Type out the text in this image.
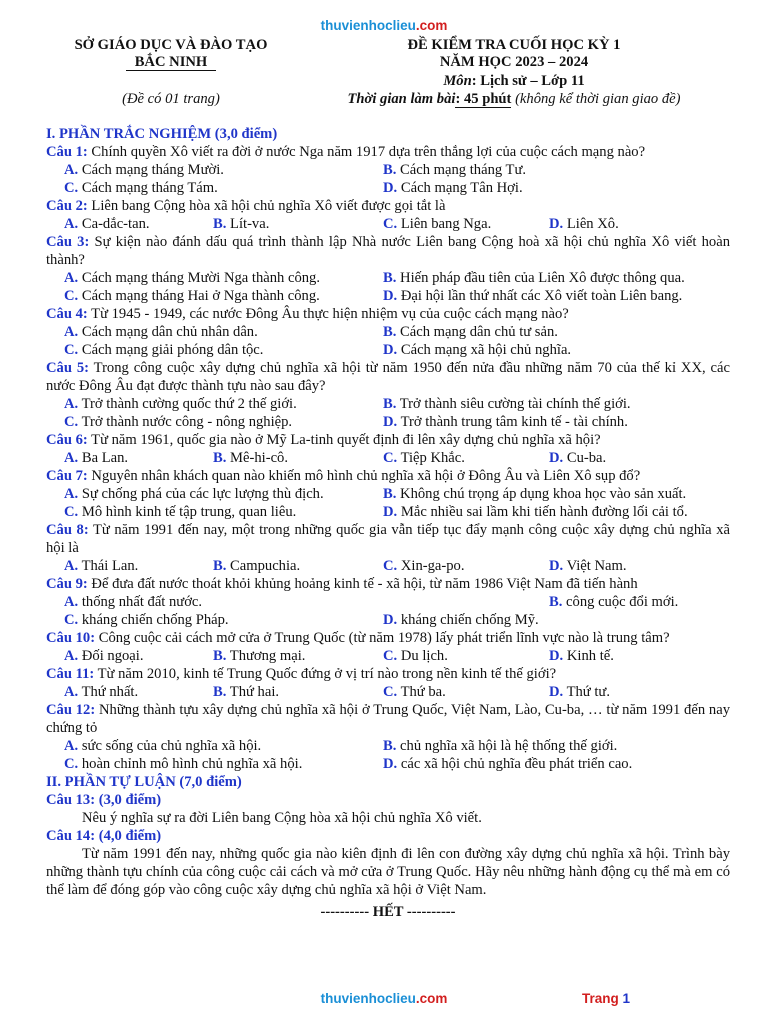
thuvienhoclieu.com
SỞ GIÁO DỤC VÀ ĐÀO TẠO
BẮC NINH
(Đề có 01 trang)
ĐỀ KIỂM TRA CUỐI HỌC KỲ 1
NĂM HỌC 2023 – 2024
Môn: Lịch sử – Lớp 11
Thời gian làm bài: 45 phút (không kể thời gian giao đề)
I. PHẦN TRẮC NGHIỆM (3,0 điểm)
Câu 1: Chính quyền Xô viết ra đời ở nước Nga năm 1917 dựa trên thắng lợi của cuộc cách mạng nào?
A. Cách mạng tháng Mười.	B. Cách mạng tháng Tư.
C. Cách mạng tháng Tám.	D. Cách mạng Tân Hợi.
Câu 2: Liên bang Cộng hòa xã hội chủ nghĩa Xô viết được gọi tắt là
A. Ca-dắc-tan.	B. Lít-va.	C. Liên bang Nga.	D. Liên Xô.
Câu 3: Sự kiện nào đánh dấu quá trình thành lập Nhà nước Liên bang Cộng hoà xã hội chủ nghĩa Xô viết hoàn thành?
A. Cách mạng tháng Mười Nga thành công.	B. Hiến pháp đầu tiên của Liên Xô được thông qua.
C. Cách mạng tháng Hai ở Nga thành công.	D. Đại hội lần thứ nhất các Xô viết toàn Liên bang.
Câu 4: Từ 1945 - 1949, các nước Đông Âu thực hiện nhiệm vụ của cuộc cách mạng nào?
A. Cách mạng dân chủ nhân dân.	B. Cách mạng dân chủ tư sản.
C. Cách mạng giải phóng dân tộc.	D. Cách mạng xã hội chủ nghĩa.
Câu 5: Trong công cuộc xây dựng chủ nghĩa xã hội từ năm 1950 đến nửa đầu những năm 70 của thế kỉ XX, các nước Đông Âu đạt được thành tựu nào sau đây?
A. Trở thành cường quốc thứ 2 thế giới.	B. Trở thành siêu cường tài chính thế giới.
C. Trở thành nước công - nông nghiệp.	D. Trở thành trung tâm kinh tế - tài chính.
Câu 6: Từ năm 1961, quốc gia nào ở Mỹ La-tinh quyết định đi lên xây dựng chủ nghĩa xã hội?
A. Ba Lan.	B. Mê-hi-cô.	C. Tiệp Khắc.	D. Cu-ba.
Câu 7: Nguyên nhân khách quan nào khiến mô hình chủ nghĩa xã hội ở Đông Âu và Liên Xô sụp đổ?
A. Sự chống phá của các lực lượng thù địch.	B. Không chú trọng áp dụng khoa học vào sản xuất.
C. Mô hình kinh tế tập trung, quan liêu.	D. Mắc nhiều sai lầm khi tiến hành đường lối cải tổ.
Câu 8: Từ năm 1991 đến nay, một trong những quốc gia vẫn tiếp tục đẩy mạnh công cuộc xây dựng chủ nghĩa xã hội là
A. Thái Lan.	B. Campuchia.	C. Xin-ga-po.	D. Việt Nam.
Câu 9: Để đưa đất nước thoát khỏi khủng hoảng kinh tế - xã hội, từ năm 1986 Việt Nam đã tiến hành
A. thống nhất đất nước.	B. công cuộc đổi mới.
C. kháng chiến chống Pháp.	D. kháng chiến chống Mỹ.
Câu 10: Công cuộc cải cách mở cửa ở Trung Quốc (từ năm 1978) lấy phát triển lĩnh vực nào là trung tâm?
A. Đối ngoại.	B. Thương mại.	C. Du lịch.	D. Kinh tế.
Câu 11: Từ năm 2010, kinh tế Trung Quốc đứng ở vị trí nào trong nền kinh tế thế giới?
A. Thứ nhất.	B. Thứ hai.	C. Thứ ba.	D. Thứ tư.
Câu 12: Những thành tựu xây dựng chủ nghĩa xã hội ở Trung Quốc, Việt Nam, Lào, Cu-ba, … từ năm 1991 đến nay chứng tỏ
A. sức sống của chủ nghĩa xã hội.	B. chủ nghĩa xã hội là hệ thống thế giới.
C. hoàn chỉnh mô hình chủ nghĩa xã hội.	D. các xã hội chủ nghĩa đều phát triển cao.
II. PHẦN TỰ LUẬN (7,0 điểm)
Câu 13: (3,0 điểm)
Nêu ý nghĩa sự ra đời Liên bang Cộng hòa xã hội chủ nghĩa Xô viết.
Câu 14: (4,0 điểm)
Từ năm 1991 đến nay, những quốc gia nào kiên định đi lên con đường xây dựng chủ nghĩa xã hội. Trình bày những thành tựu chính của công cuộc cải cách và mở cửa ở Trung Quốc. Hãy nêu những hành động cụ thể mà em có thể làm để đóng góp vào công cuộc xây dựng chủ nghĩa xã hội ở Việt Nam.
---------- HẾT ----------
thuvienhoclieu.com	Trang 1
